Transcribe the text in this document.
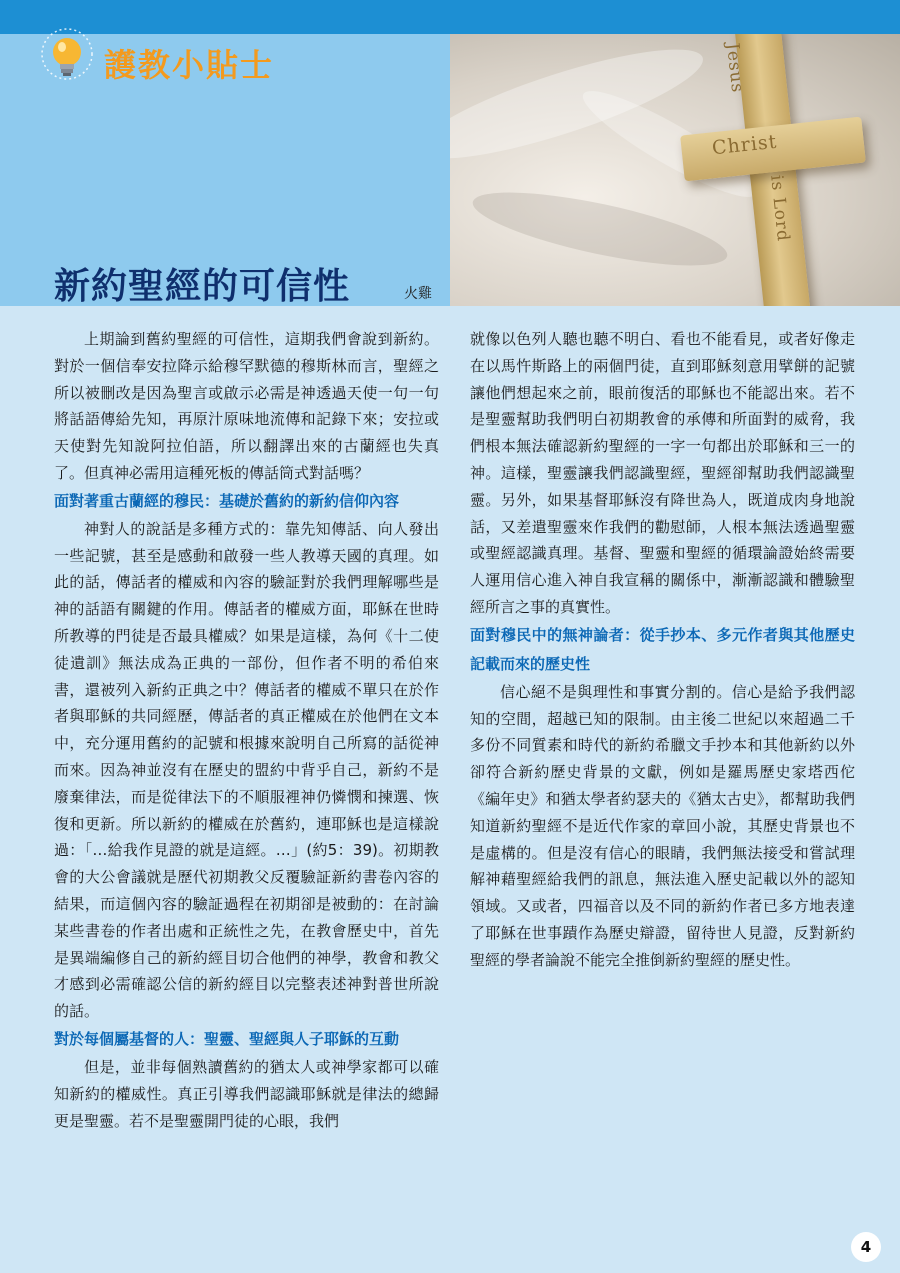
護教小貼士	Jesus
Christ
is Lord
新約聖經的可信性	火雞

上期論到舊約聖經的可信性，這期我們會說到新約。對於一個信奉安拉降示給穆罕默德的穆斯林而言，聖經之所以被刪改是因為聖言或啟示必需是神透過天使一句一句將話語傳給先知，再原汁原味地流傳和記錄下來；安拉或天使對先知說阿拉伯語，所以翻譯出來的古蘭經也失真了。但真神必需用這種死板的傳話筒式對話嗎？

面對著重古蘭經的穆民：基礎於舊約的新約信仰內容

神對人的說話是多種方式的：靠先知傳話、向人發出一些記號，甚至是感動和啟發一些人教導天國的真理。如此的話，傳話者的權威和內容的驗証對於我們理解哪些是神的話語有關鍵的作用。傳話者的權威方面，耶穌在世時所教導的門徒是否最具權威？如果是這樣，為何《十二使徒遺訓》無法成為正典的一部份，但作者不明的希伯來書，還被列入新約正典之中？傳話者的權威不單只在於作者與耶穌的共同經歷，傳話者的真正權威在於他們在文本中，充分運用舊約的記號和根據來說明自己所寫的話從神而來。因為神並沒有在歷史的盟約中背乎自己，新約不是廢棄律法，而是從律法下的不順服裡神仍憐憫和揀選、恢復和更新。所以新約的權威在於舊約，連耶穌也是這樣說過：「…給我作見證的就是這經。…」(約5：39)。初期教會的大公會議就是歷代初期教父反覆驗証新約書卷內容的結果，而這個內容的驗証過程在初期卻是被動的：在討論某些書卷的作者出處和正統性之先，在教會歷史中，首先是異端編修自己的新約經目切合他們的神學，教會和教父才感到必需確認公信的新約經目以完整表述神對普世所說的話。

對於每個屬基督的人：聖靈、聖經與人子耶穌的互動

但是，並非每個熟讀舊約的猶太人或神學家都可以確知新約的權威性。真正引導我們認識耶穌就是律法的總歸更是聖靈。若不是聖靈開門徒的心眼，我們

就像以色列人聽也聽不明白、看也不能看見，或者好像走在以馬忤斯路上的兩個門徒，直到耶穌刻意用擘餅的記號讓他們想起來之前，眼前復活的耶穌也不能認出來。若不是聖靈幫助我們明白初期教會的承傳和所面對的威脅，我們根本無法確認新約聖經的一字一句都出於耶穌和三一的神。這樣，聖靈讓我們認識聖經，聖經卻幫助我們認識聖靈。另外，如果基督耶穌沒有降世為人，既道成肉身地說話，又差遣聖靈來作我們的勸慰師，人根本無法透過聖靈或聖經認識真理。基督、聖靈和聖經的循環論證始終需要人運用信心進入神自我宣稱的關係中，漸漸認識和體驗聖經所言之事的真實性。

面對穆民中的無神論者：從手抄本、多元作者與其他歷史記載而來的歷史性

信心絕不是與理性和事實分割的。信心是給予我們認知的空間，超越已知的限制。由主後二世紀以來超過二千多份不同質素和時代的新約希臘文手抄本和其他新約以外卻符合新約歷史背景的文獻，例如是羅馬歷史家塔西佗《編年史》和猶太學者約瑟夫的《猶太古史》，都幫助我們知道新約聖經不是近代作家的章回小說，其歷史背景也不是虛構的。但是沒有信心的眼睛，我們無法接受和嘗試理解神藉聖經給我們的訊息，無法進入歷史記載以外的認知領域。又或者，四福音以及不同的新約作者已多方地表達了耶穌在世事蹟作為歷史辯證，留待世人見證，反對新約聖經的學者論說不能完全推倒新約聖經的歷史性。

4
